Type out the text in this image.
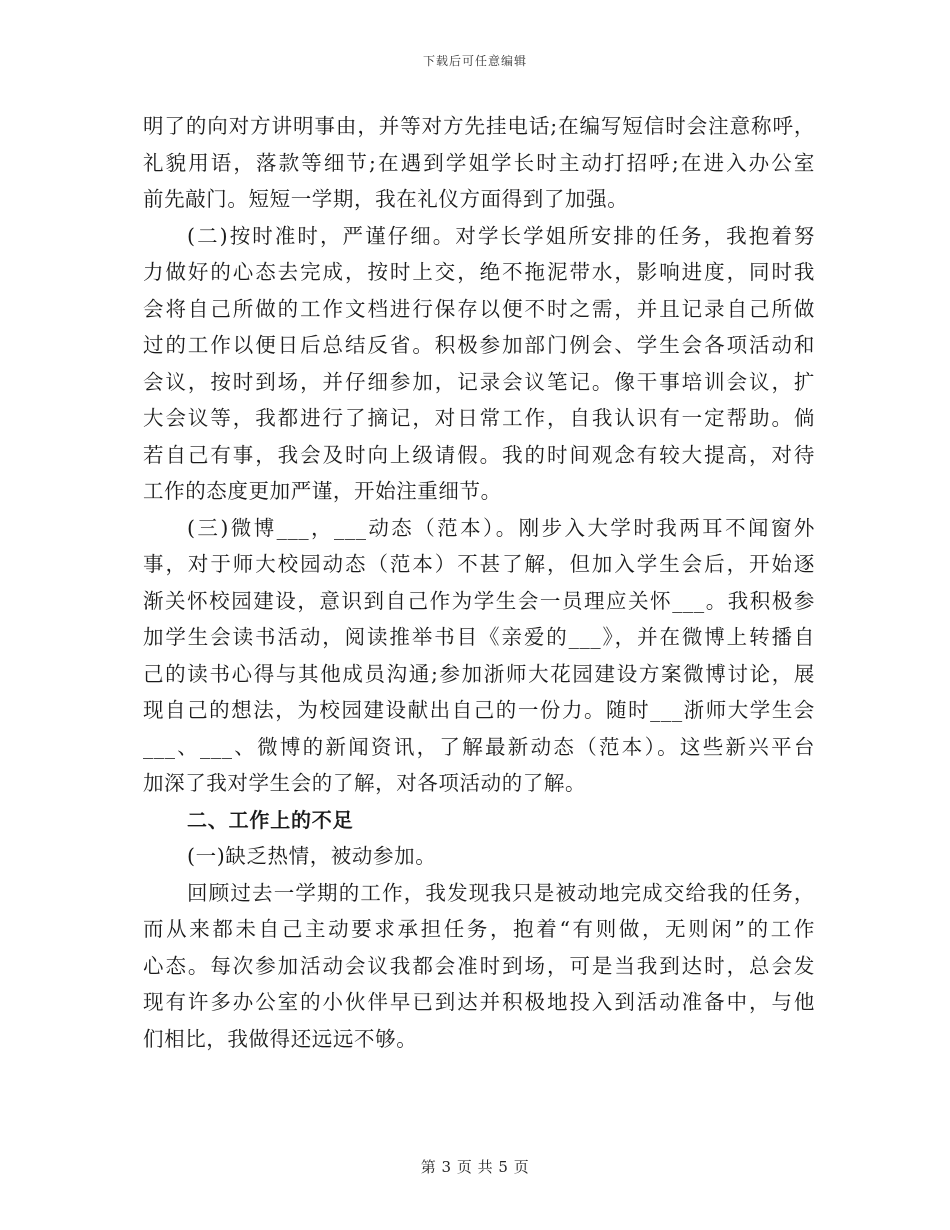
下载后可任意编辑

明了的向对方讲明事由，并等对方先挂电话;在编写短信时会注意称呼，
礼貌用语，落款等细节;在遇到学姐学长时主动打招呼;在进入办公室
前先敲门。短短一学期，我在礼仪方面得到了加强。

(二)按时准时，严谨仔细。对学长学姐所安排的任务，我抱着努
力做好的心态去完成，按时上交，绝不拖泥带水，影响进度，同时我
会将自己所做的工作文档进行保存以便不时之需，并且记录自己所做
过的工作以便日后总结反省。积极参加部门例会、学生会各项活动和
会议，按时到场，并仔细参加，记录会议笔记。像干事培训会议，扩
大会议等，我都进行了摘记，对日常工作，自我认识有一定帮助。倘
若自己有事，我会及时向上级请假。我的时间观念有较大提高，对待
工作的态度更加严谨，开始注重细节。

(三)微博___，___动态（范本）。刚步入大学时我两耳不闻窗外
事，对于师大校园动态（范本）不甚了解，但加入学生会后，开始逐
渐关怀校园建设，意识到自己作为学生会一员理应关怀___。我积极参
加学生会读书活动，阅读推举书目《亲爱的___》，并在微博上转播自
己的读书心得与其他成员沟通;参加浙师大花园建设方案微博讨论，展
现自己的想法，为校园建设献出自己的一份力。随时___浙师大学生会
___、___、微博的新闻资讯，了解最新动态（范本）。这些新兴平台
加深了我对学生会的了解，对各项活动的了解。

二、工作上的不足

(一)缺乏热情，被动参加。

回顾过去一学期的工作，我发现我只是被动地完成交给我的任务，
而从来都未自己主动要求承担任务，抱着“有则做，无则闲”的工作
心态。每次参加活动会议我都会准时到场，可是当我到达时，总会发
现有许多办公室的小伙伴早已到达并积极地投入到活动准备中，与他
们相比，我做得还远远不够。

第 3 页 共 5 页
